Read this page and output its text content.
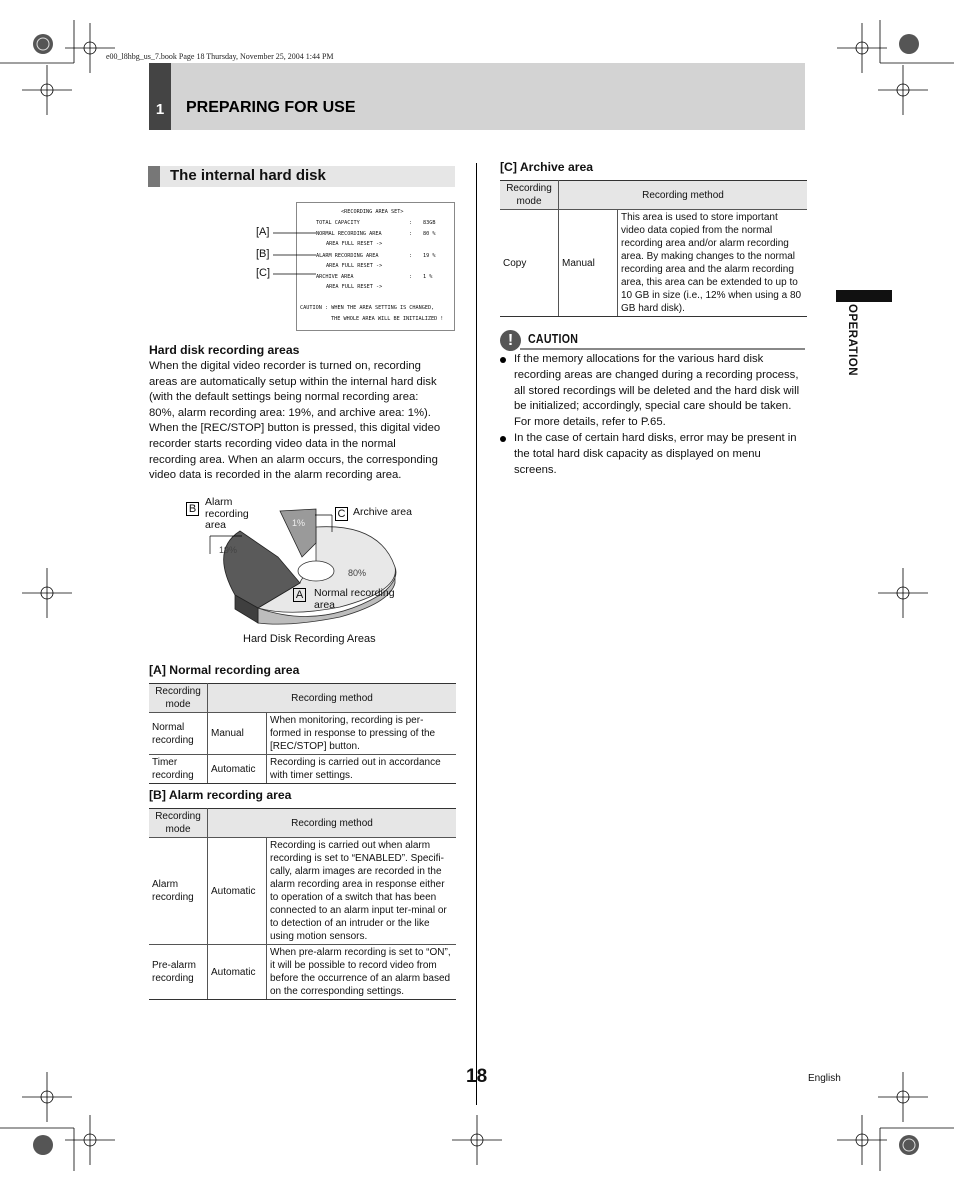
e00_l8hbg_us_7.book Page 18 Thursday, November 25, 2004 1:44 PM
1	PREPARING FOR USE
The internal hard disk
<RECORDING AREA SET>
TOTAL CAPACITY	: 83GB
NORMAL RECORDING AREA	: 80 %
AREA FULL RESET ->
ALARM RECORDING AREA	: 19 %
AREA FULL RESET ->
ARCHIVE AREA	: 1 %
AREA FULL RESET ->
CAUTION : WHEN THE AREA SETTING IS CHANGED,
THE WHOLE AREA WILL BE INITIALIZED !
[A]
[B]
[C]
Hard disk recording areas
When the digital video recorder is turned on, recording
areas are automatically setup within the internal hard disk
(with the default settings being normal recording area:
80%, alarm recording area: 19%, and archive area: 1%).
When the [REC/STOP] button is pressed, this digital video
recorder starts recording video data in the normal
recording area. When an alarm occurs, the corresponding
video data is recorded in the alarm recording area.
B
Alarm
recording
area
C Archive area
A Normal recording
area
80%
19%
1%
Hard Disk Recording Areas
[A] Normal recording area
Recording mode	Recording method	
Normal recording	Manual	When monitoring, recording is per-formed in response to pressing of the [REC/STOP] button.
Timer recording	Automatic	Recording is carried out in accordance with timer settings.
[B] Alarm recording area
Recording mode	Recording method	
Alarm recording	Automatic	Recording is carried out when alarm recording is set to “ENABLED”. Specifi-cally, alarm images are recorded in the alarm recording area in response either to operation of a switch that has been connected to an alarm input ter-minal or to detection of an intruder or the like using motion sensors.
Pre-alarm recording	Automatic	When pre-alarm recording is set to “ON”, it will be possible to record video from before the occurrence of an alarm based on the corresponding settings.
[C] Archive area
Recording mode	Recording method	
Copy	Manual	This area is used to store important video data copied from the normal recording area and/or alarm recording area. By making changes to the normal recording area and the alarm recording area, this area can be extended to up to 10 GB in size (i.e., 12% when using a 80 GB hard disk).
!	CAUTION
If the memory allocations for the various hard disk recording areas are changed during a recording process, all stored recordings will be deleted and the hard disk will be initialized; accordingly, special care should be taken. For more details, refer to P.65.
In the case of certain hard disks, error may be present in the total hard disk capacity as displayed on menu screens.
OPERATION
18	English
